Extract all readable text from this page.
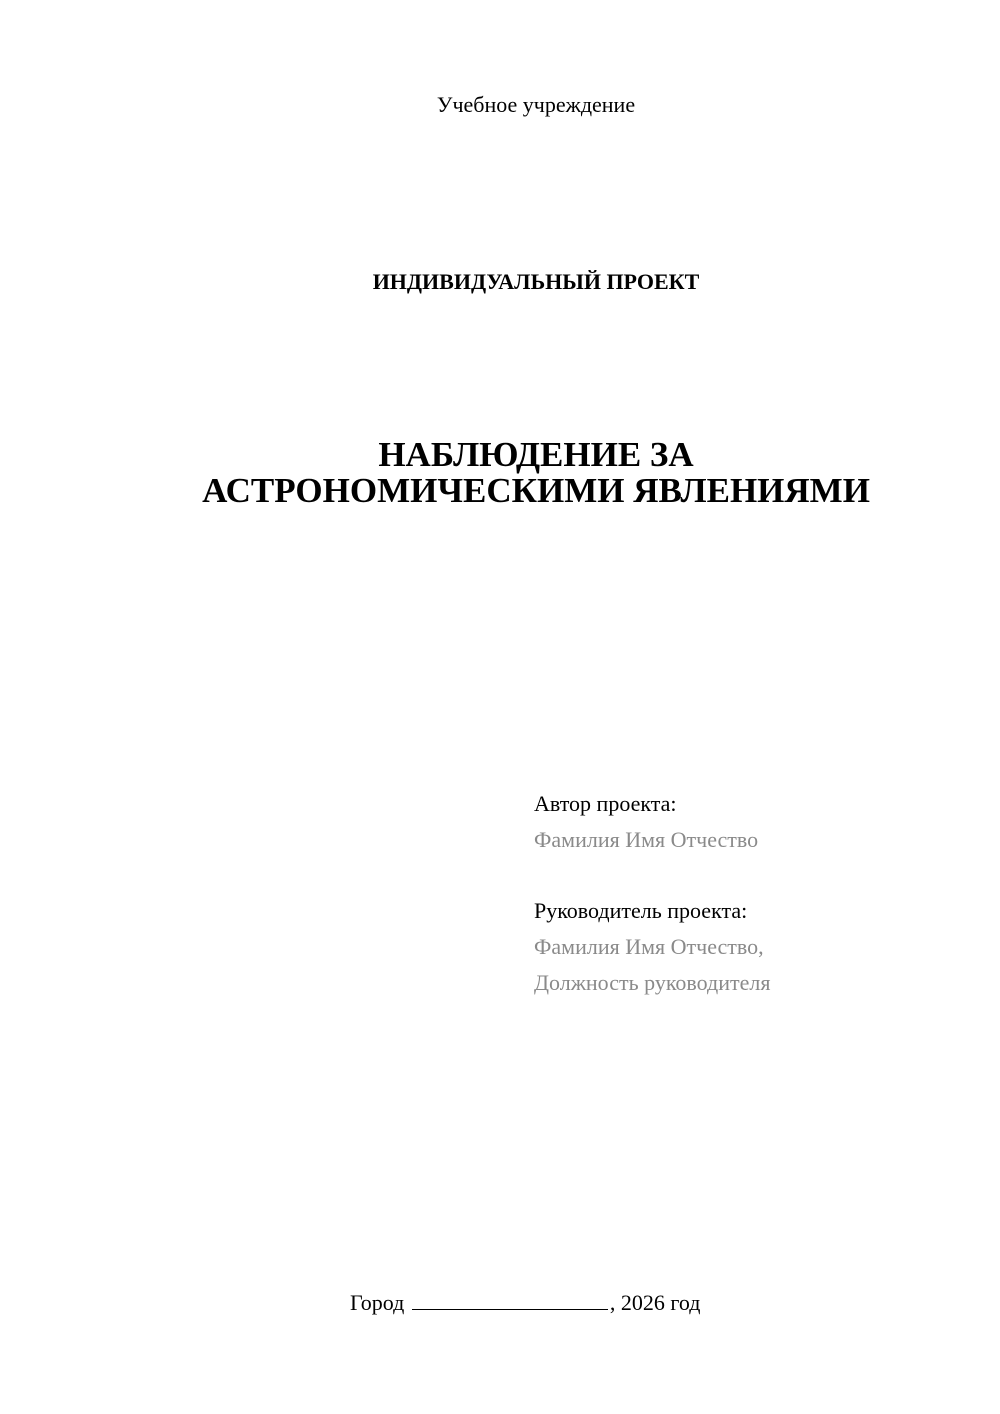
Учебное учреждение
ИНДИВИДУАЛЬНЫЙ ПРОЕКТ
НАБЛЮДЕНИЕ ЗА
АСТРОНОМИЧЕСКИМИ ЯВЛЕНИЯМИ
Автор проекта:
Фамилия Имя Отчество
Руководитель проекта:
Фамилия Имя Отчество,
Должность руководителя
Город	, 2026 год
